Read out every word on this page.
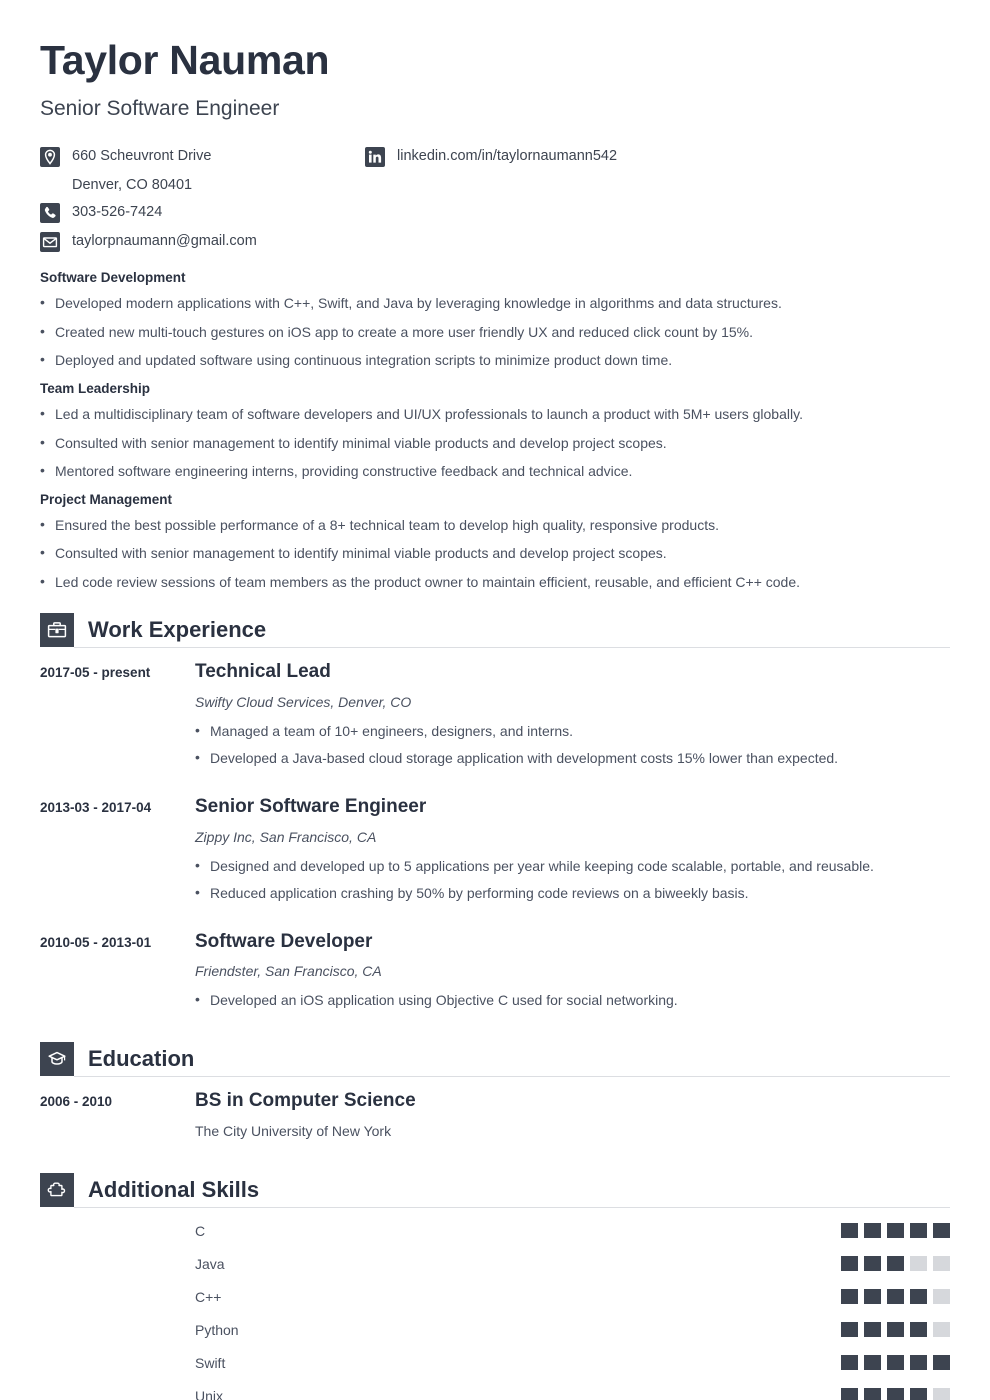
Taylor Nauman
Senior Software Engineer
660 Scheuvront Drive
Denver, CO 80401
303-526-7424
taylorpnaumann@gmail.com
linkedin.com/in/taylornaumann542
Software Development
• Developed modern applications with C++, Swift, and Java by leveraging knowledge in algorithms and data structures.
• Created new multi-touch gestures on iOS app to create a more user friendly UX and reduced click count by 15%.
• Deployed and updated software using continuous integration scripts to minimize product down time.
Team Leadership
• Led a multidisciplinary team of software developers and UI/UX professionals to launch a product with 5M+ users globally.
• Consulted with senior management to identify minimal viable products and develop project scopes.
• Mentored software engineering interns, providing constructive feedback and technical advice.
Project Management
• Ensured the best possible performance of a 8+ technical team to develop high quality, responsive products.
• Consulted with senior management to identify minimal viable products and develop project scopes.
• Led code review sessions of team members as the product owner to maintain efficient, reusable, and efficient C++ code.
Work Experience
2017-05 - present	Technical Lead
Swifty Cloud Services, Denver, CO
• Managed a team of 10+ engineers, designers, and interns.
• Developed a Java-based cloud storage application with development costs 15% lower than expected.
2013-03 - 2017-04	Senior Software Engineer
Zippy Inc, San Francisco, CA
• Designed and developed up to 5 applications per year while keeping code scalable, portable, and reusable.
• Reduced application crashing by 50% by performing code reviews on a biweekly basis.
2010-05 - 2013-01	Software Developer
Friendster, San Francisco, CA
• Developed an iOS application using Objective C used for social networking.
Education
2006 - 2010	BS in Computer Science
The City University of New York
Additional Skills
C
Java
C++
Python
Swift
Unix
